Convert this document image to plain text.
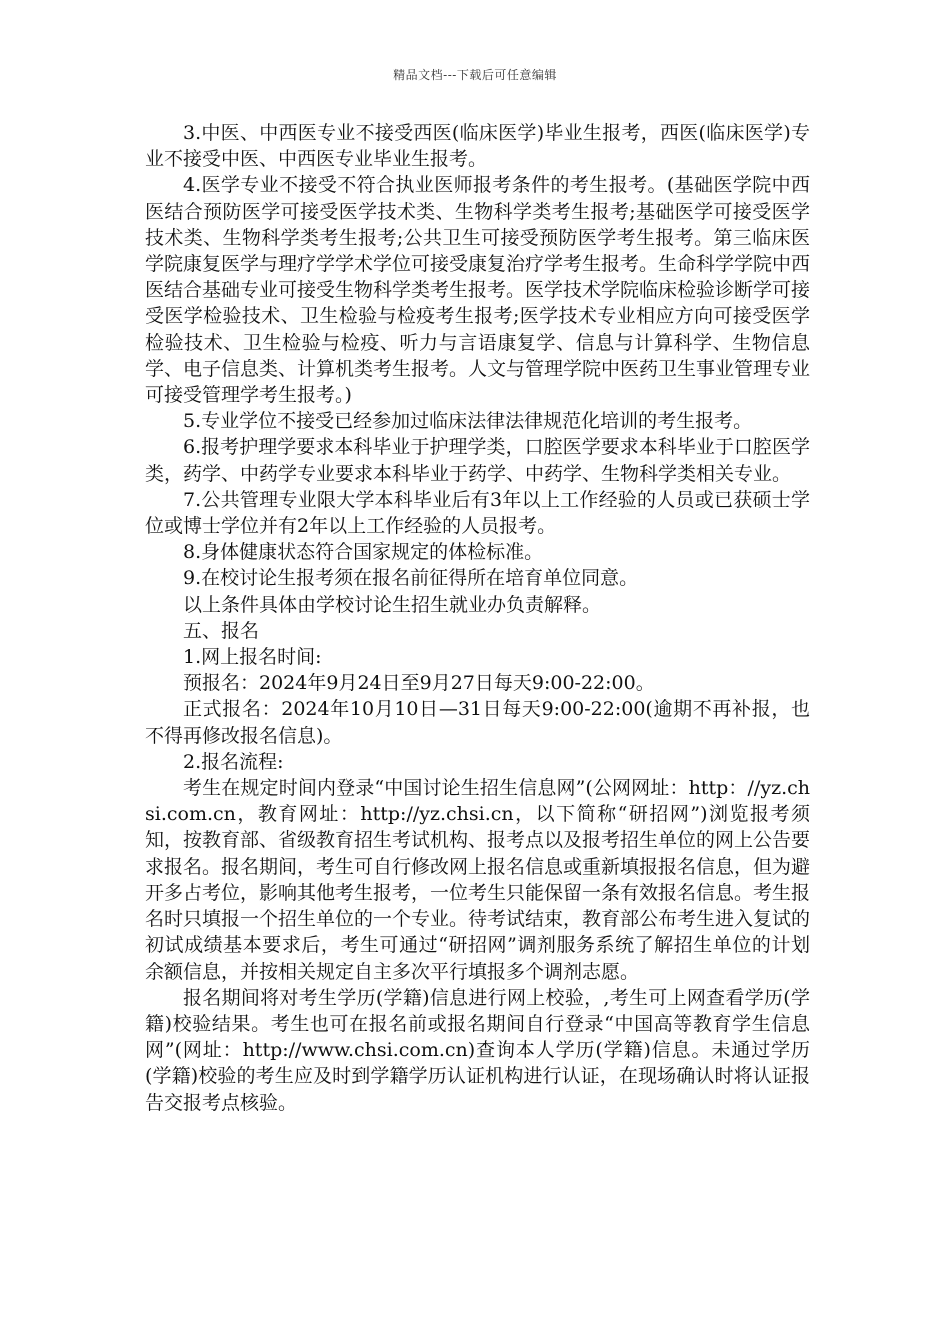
精品文档---下载后可任意编辑

3.中医、中西医专业不接受西医(临床医学)毕业生报考，西医(临床医学)专业不接受中医、中西医专业毕业生报考。

4.医学专业不接受不符合执业医师报考条件的考生报考。(基础医学院中西医结合预防医学可接受医学技术类、生物科学类考生报考;基础医学可接受医学技术类、生物科学类考生报考;公共卫生可接受预防医学考生报考。第三临床医学院康复医学与理疗学学术学位可接受康复治疗学考生报考。生命科学学院中西医结合基础专业可接受生物科学类考生报考。医学技术学院临床检验诊断学可接受医学检验技术、卫生检验与检疫考生报考;医学技术专业相应方向可接受医学检验技术、卫生检验与检疫、听力与言语康复学、信息与计算科学、生物信息学、电子信息类、计算机类考生报考。人文与管理学院中医药卫生事业管理专业可接受管理学考生报考。)

5.专业学位不接受已经参加过临床法律法律规范化培训的考生报考。

6.报考护理学要求本科毕业于护理学类，口腔医学要求本科毕业于口腔医学类，药学、中药学专业要求本科毕业于药学、中药学、生物科学类相关专业。

7.公共管理专业限大学本科毕业后有3年以上工作经验的人员或已获硕士学位或博士学位并有2年以上工作经验的人员报考。

8.身体健康状态符合国家规定的体检标准。

9.在校讨论生报考须在报名前征得所在培育单位同意。

以上条件具体由学校讨论生招生就业办负责解释。

五、报名

1.网上报名时间:

预报名：2024年9月24日至9月27日每天9:00-22:00。

正式报名：2024年10月10日—31日每天9:00-22:00(逾期不再补报，也不得再修改报名信息)。

2.报名流程:

考生在规定时间内登录“中国讨论生招生信息网”(公网网址：http：//yz.chsi.com.cn，教育网址：http://yz.chsi.cn，以下简称“研招网”)浏览报考须知，按教育部、省级教育招生考试机构、报考点以及报考招生单位的网上公告要求报名。报名期间，考生可自行修改网上报名信息或重新填报报名信息，但为避开多占考位，影响其他考生报考，一位考生只能保留一条有效报名信息。考生报名时只填报一个招生单位的一个专业。待考试结束，教育部公布考生进入复试的初试成绩基本要求后，考生可通过“研招网”调剂服务系统了解招生单位的计划余额信息，并按相关规定自主多次平行填报多个调剂志愿。

报名期间将对考生学历(学籍)信息进行网上校验，,考生可上网查看学历(学籍)校验结果。考生也可在报名前或报名期间自行登录“中国高等教育学生信息网”(网址：http://www.chsi.com.cn)查询本人学历(学籍)信息。未通过学历(学籍)校验的考生应及时到学籍学历认证机构进行认证，在现场确认时将认证报告交报考点核验。
